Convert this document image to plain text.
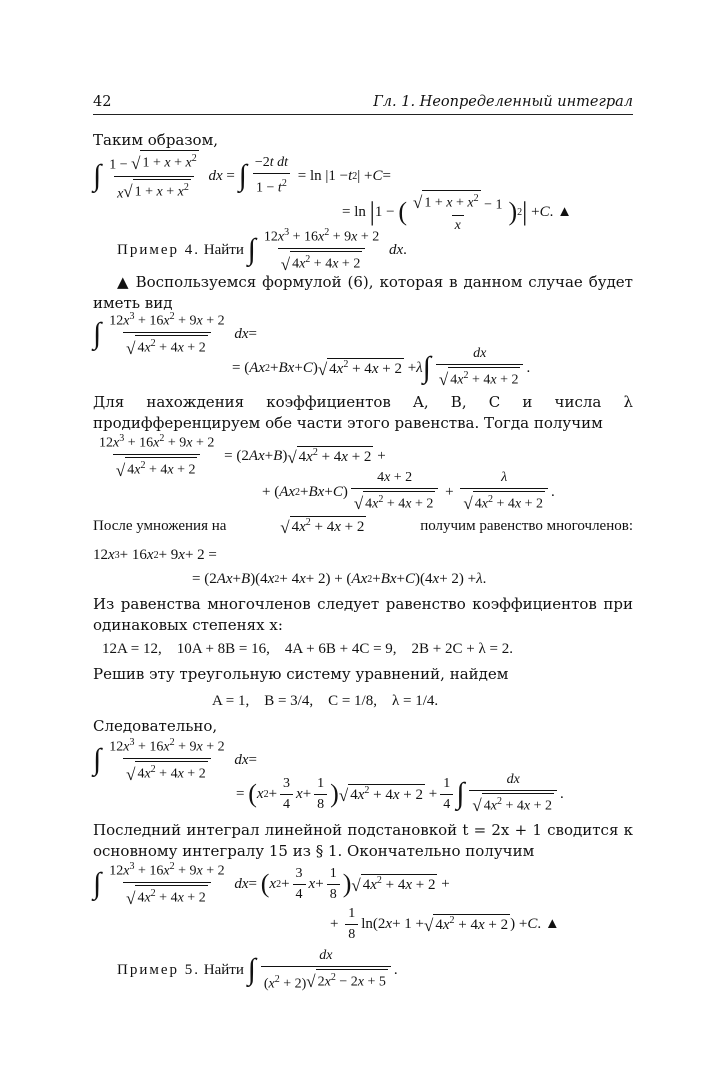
42	Гл. 1. Неопределенный интеграл
Таким образом,
∫ 1 − √ $1 + x + x^2$
x √ $1 + x + x^2$

dx = ∫ −2t dt
$1 - t^2$
= ln |1 − t 2 | + C =
= ln | 1 − ( √ $1 + x + x^2 - 1$
x ) 2 | + C . ▲
Пример 4.
Найти
∫ $12x^3 + 16x^2 + 9x + 2$
√ $4x^2 + 4x + 2$

dx .
▲ Воспользуемся формулой (6), которая в данном случае будет иметь вид
∫ $12x^3 + 16x^2 + 9x + 2$
√ $4x^2 + 4x + 2$

dx =
= ( Ax 2 + Bx + C ) √ $4x^2 + 4x + 2 + \lambda$ ∫	dx
√ $4x^2 + 4x + 2$
.
Для нахождения коэффициентов A, B, C и числа λ продифференцируем обе части этого равенства. Тогда получим
$12x^3 + 16x^2 + 9x + 2$
√ $4x^2 + 4x + 2$
= (2 Ax + B ) √ $4x^2 + 4x + 2$ +
+ ( Ax 2 + Bx + C )
4x + 2
√ $4x^2 + 4x + 2$
+
λ
√ $4x^2 + 4x + 2$
.
После умножения на	√ $4x^2 + 4x + 2$	получим равенство многочленов:
12 x 3 + 16 x 2 + 9 x + 2 =
= (2 Ax + B )(4 x 2 + 4 x + 2) + ( Ax 2 + Bx + C )(4 x + 2) + λ .
Из равенства многочленов следует равенство коэффициентов при одинаковых степенях x:
12A = 12,    10A + 8B = 16,    4A + 6B + 4C = 9,    2B + 2C + λ = 2.
Решив эту треугольную систему уравнений, найдем
A = 1,    B = 3/4,    C = 1/8,    λ = 1/4.
Следовательно,
∫ $12x^3 + 16x^2 + 9x + 2$
√ $4x^2 + 4x + 2$

dx =
= ( x 2 +
3
4
x +
1
8 ) √ $4x^2 + 4x + 2$ +
1
4 ∫	dx
√ $4x^2 + 4x + 2$
.
Последний интеграл линейной подстановкой t = 2x + 1 сводится к основному интегралу 15 из § 1. Окончательно получим
∫ $12x^3 + 16x^2 + 9x + 2$
√ $4x^2 + 4x + 2$

dx = ( x 2 +
3
4
x +
1
8 ) √ $4x^2 + 4x + 2$ +
+
1
8
ln(2 x + 1 + √ $4x^2 + 4x + 2$ ) + C . ▲
Пример 5.
Найти
∫	dx
$(x^2 + 2)$ √ $2x^2 - 2x + 5$
.
